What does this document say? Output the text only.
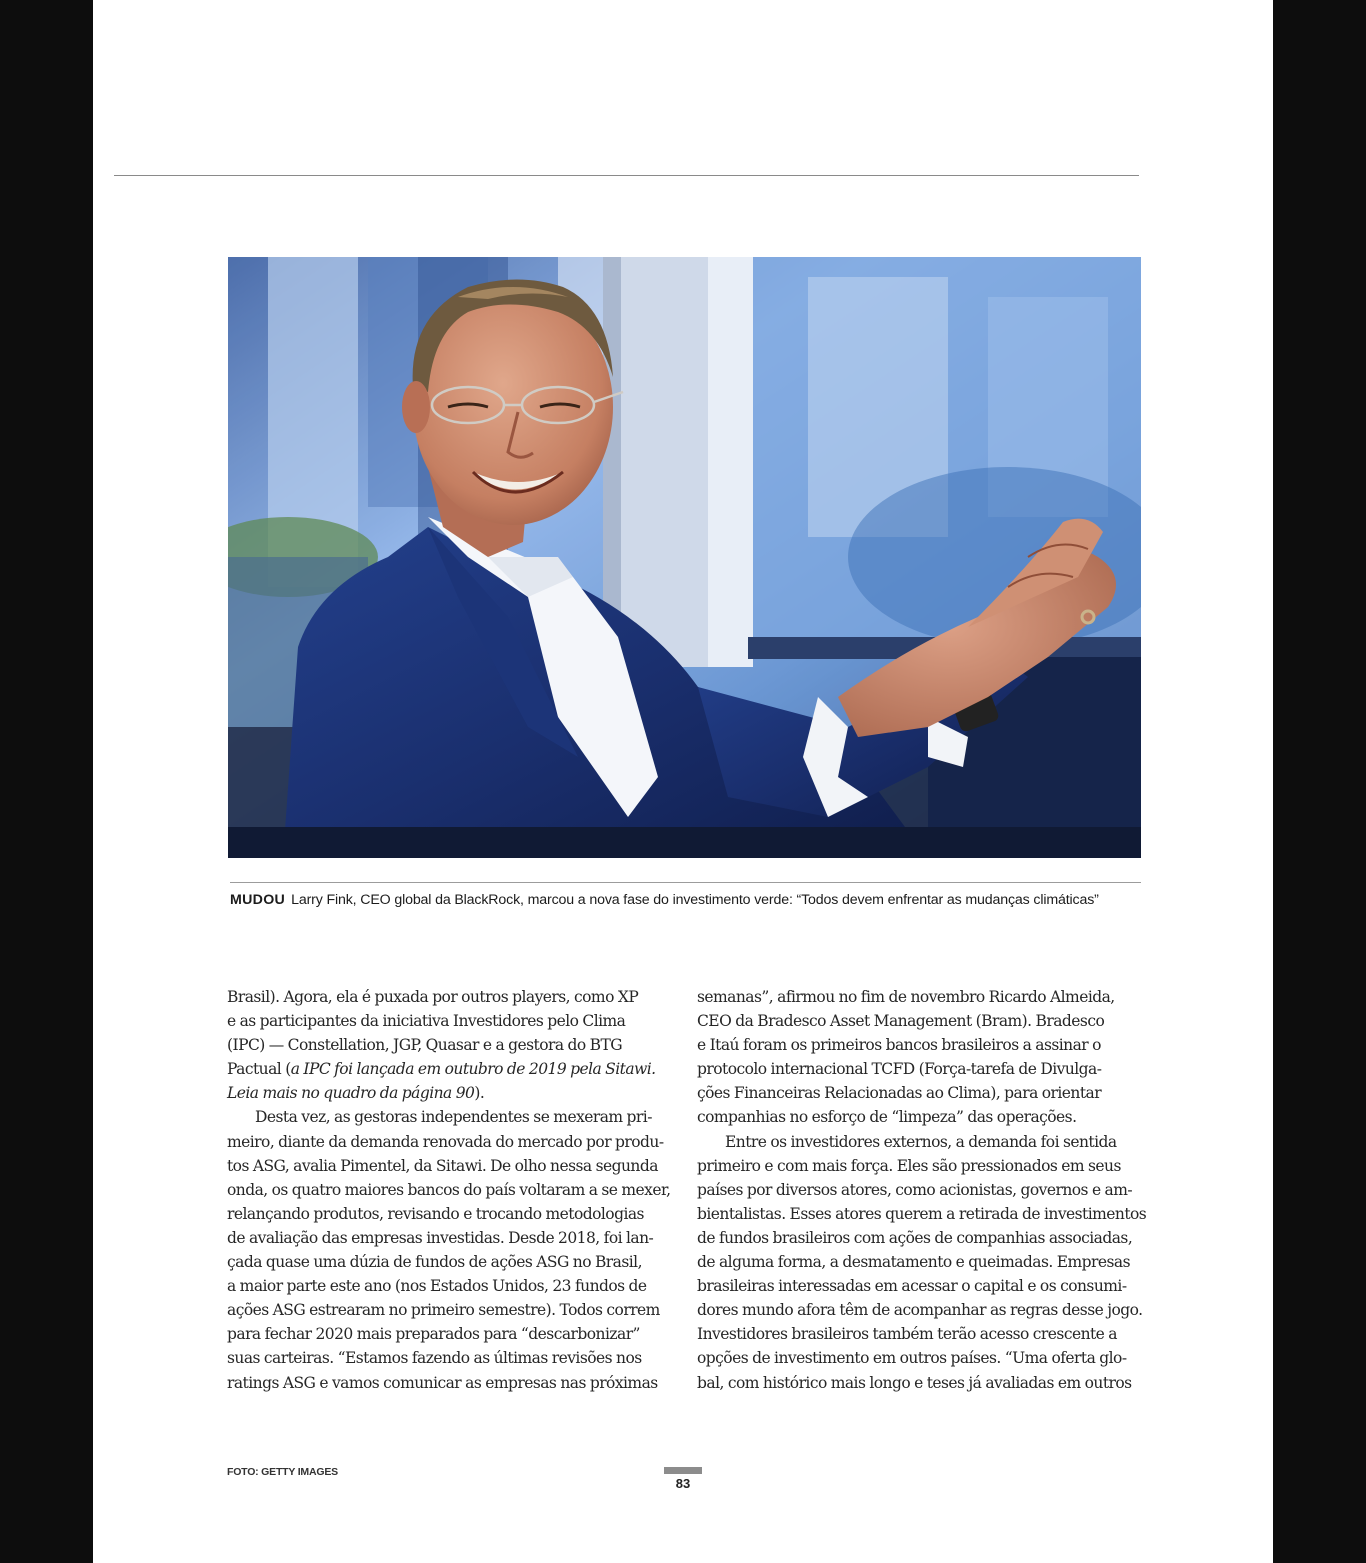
MUDOU Larry Fink, CEO global da BlackRock, marcou a nova fase do investimento verde: “Todos devem enfrentar as mudanças climáticas”
Brasil). Agora, ela é puxada por outros players, como XP
e as participantes da iniciativa Investidores pelo Clima
(IPC) — Constellation, JGP, Quasar e a gestora do BTG
Pactual (a IPC foi lançada em outubro de 2019 pela Sitawi.
Leia mais no quadro da página 90).
Desta vez, as gestoras independentes se mexeram pri-
meiro, diante da demanda renovada do mercado por produ-
tos ASG, avalia Pimentel, da Sitawi. De olho nessa segunda
onda, os quatro maiores bancos do país voltaram a se mexer,
relançando produtos, revisando e trocando metodologias
de avaliação das empresas investidas. Desde 2018, foi lan-
çada quase uma dúzia de fundos de ações ASG no Brasil,
a maior parte este ano (nos Estados Unidos, 23 fundos de
ações ASG estrearam no primeiro semestre). Todos correm
para fechar 2020 mais preparados para “descarbonizar”
suas carteiras. “Estamos fazendo as últimas revisões nos
ratings ASG e vamos comunicar as empresas nas próximas
semanas”, afirmou no fim de novembro Ricardo Almeida,
CEO da Bradesco Asset Management (Bram). Bradesco
e Itaú foram os primeiros bancos brasileiros a assinar o
protocolo internacional TCFD (Força-tarefa de Divulga-
ções Financeiras Relacionadas ao Clima), para orientar
companhias no esforço de “limpeza” das operações.
Entre os investidores externos, a demanda foi sentida
primeiro e com mais força. Eles são pressionados em seus
países por diversos atores, como acionistas, governos e am-
bientalistas. Esses atores querem a retirada de investimentos
de fundos brasileiros com ações de companhias associadas,
de alguma forma, a desmatamento e queimadas. Empresas
brasileiras interessadas em acessar o capital e os consumi-
dores mundo afora têm de acompanhar as regras desse jogo.
Investidores brasileiros também terão acesso crescente a
opções de investimento em outros países. “Uma oferta glo-
bal, com histórico mais longo e teses já avaliadas em outros
FOTO: GETTY IMAGES
83
